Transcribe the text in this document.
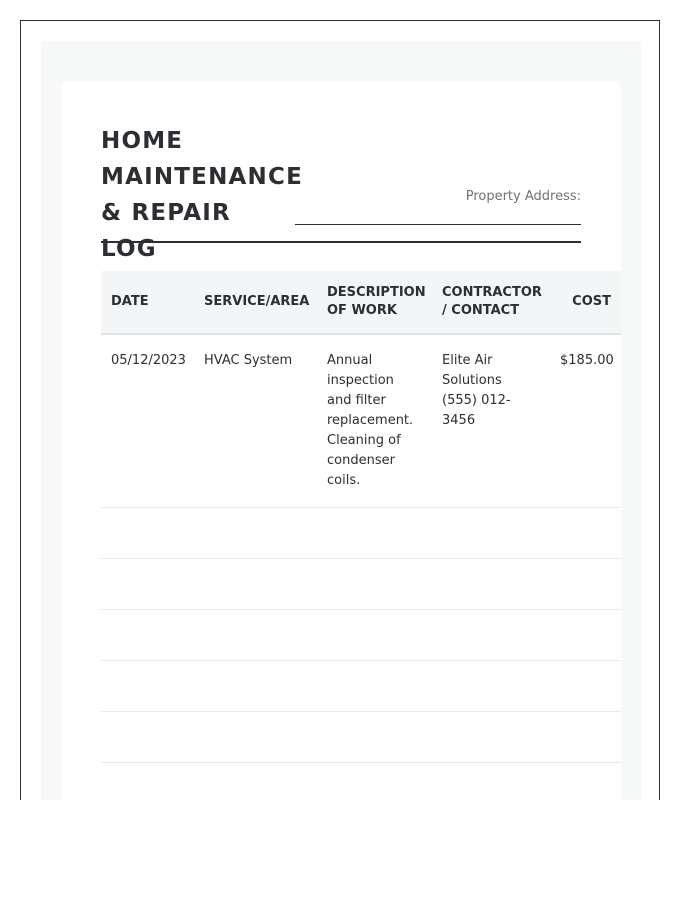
HOME MAINTENANCE & REPAIR LOG
Property Address:
DATE	SERVICE/AREA	DESCRIPTION OF WORK	CONTRACTOR / CONTACT	COST
05/12/2023	HVAC System	Annual inspection and filter replacement. Cleaning of condenser coils.	Elite Air Solutions (555) 012-3456	$185.00
